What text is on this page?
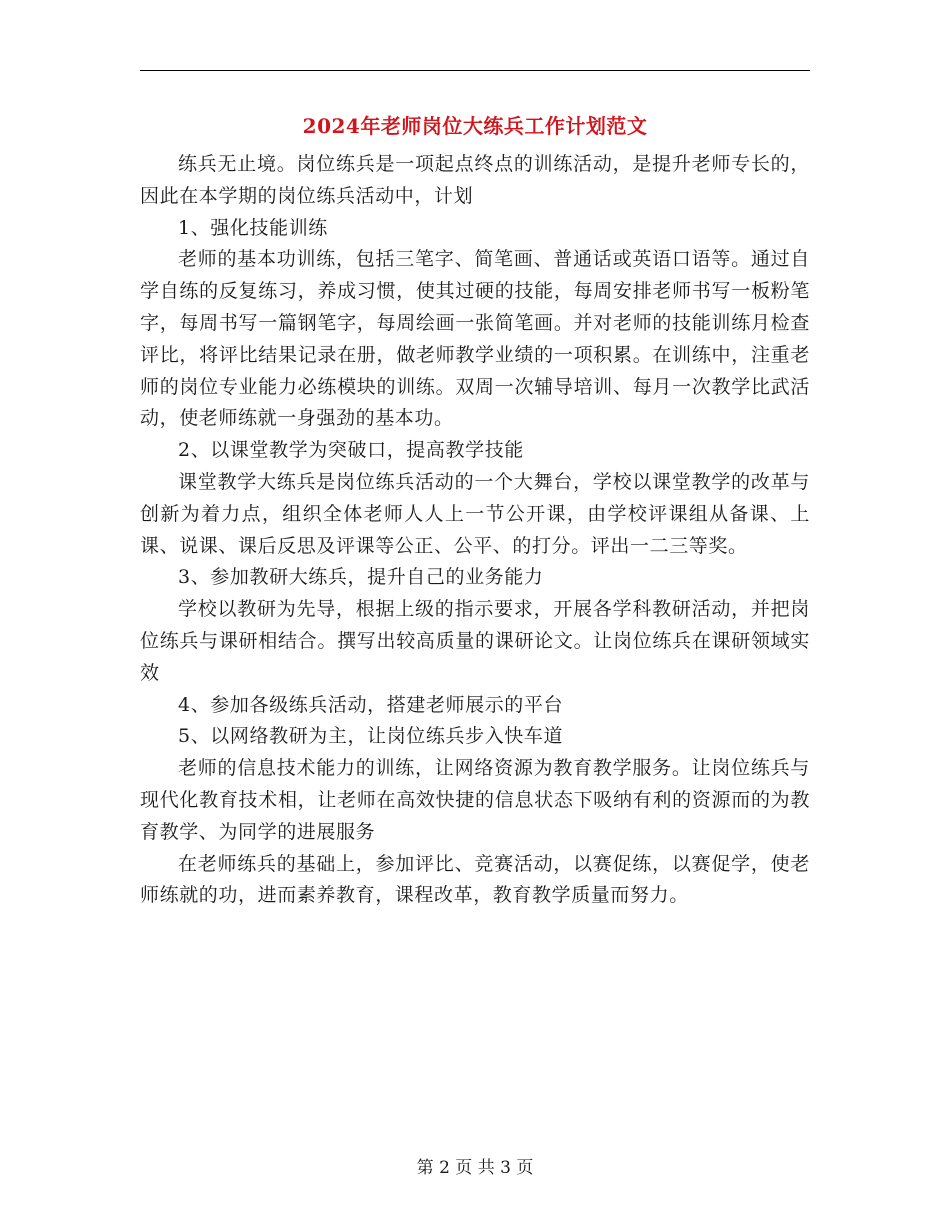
2024年老师岗位大练兵工作计划范文

练兵无止境。岗位练兵是一项起点终点的训练活动，是提升老师专长的，因此在本学期的岗位练兵活动中，计划

1、强化技能训练

老师的基本功训练，包括三笔字、简笔画、普通话或英语口语等。通过自学自练的反复练习，养成习惯，使其过硬的技能，每周安排老师书写一板粉笔字，每周书写一篇钢笔字，每周绘画一张简笔画。并对老师的技能训练月检查评比，将评比结果记录在册，做老师教学业绩的一项积累。在训练中，注重老师的岗位专业能力必练模块的训练。双周一次辅导培训、每月一次教学比武活动，使老师练就一身强劲的基本功。

2、以课堂教学为突破口，提高教学技能

课堂教学大练兵是岗位练兵活动的一个大舞台，学校以课堂教学的改革与创新为着力点，组织全体老师人人上一节公开课，由学校评课组从备课、上课、说课、课后反思及评课等公正、公平、的打分。评出一二三等奖。

3、参加教研大练兵，提升自己的业务能力

学校以教研为先导，根据上级的指示要求，开展各学科教研活动，并把岗位练兵与课研相结合。撰写出较高质量的课研论文。让岗位练兵在课研领域实效

4、参加各级练兵活动，搭建老师展示的平台

5、以网络教研为主，让岗位练兵步入快车道

老师的信息技术能力的训练，让网络资源为教育教学服务。让岗位练兵与现代化教育技术相，让老师在高效快捷的信息状态下吸纳有利的资源而的为教育教学、为同学的进展服务

在老师练兵的基础上，参加评比、竞赛活动，以赛促练，以赛促学，使老师练就的功，进而素养教育，课程改革，教育教学质量而努力。

第 2 页 共 3 页
